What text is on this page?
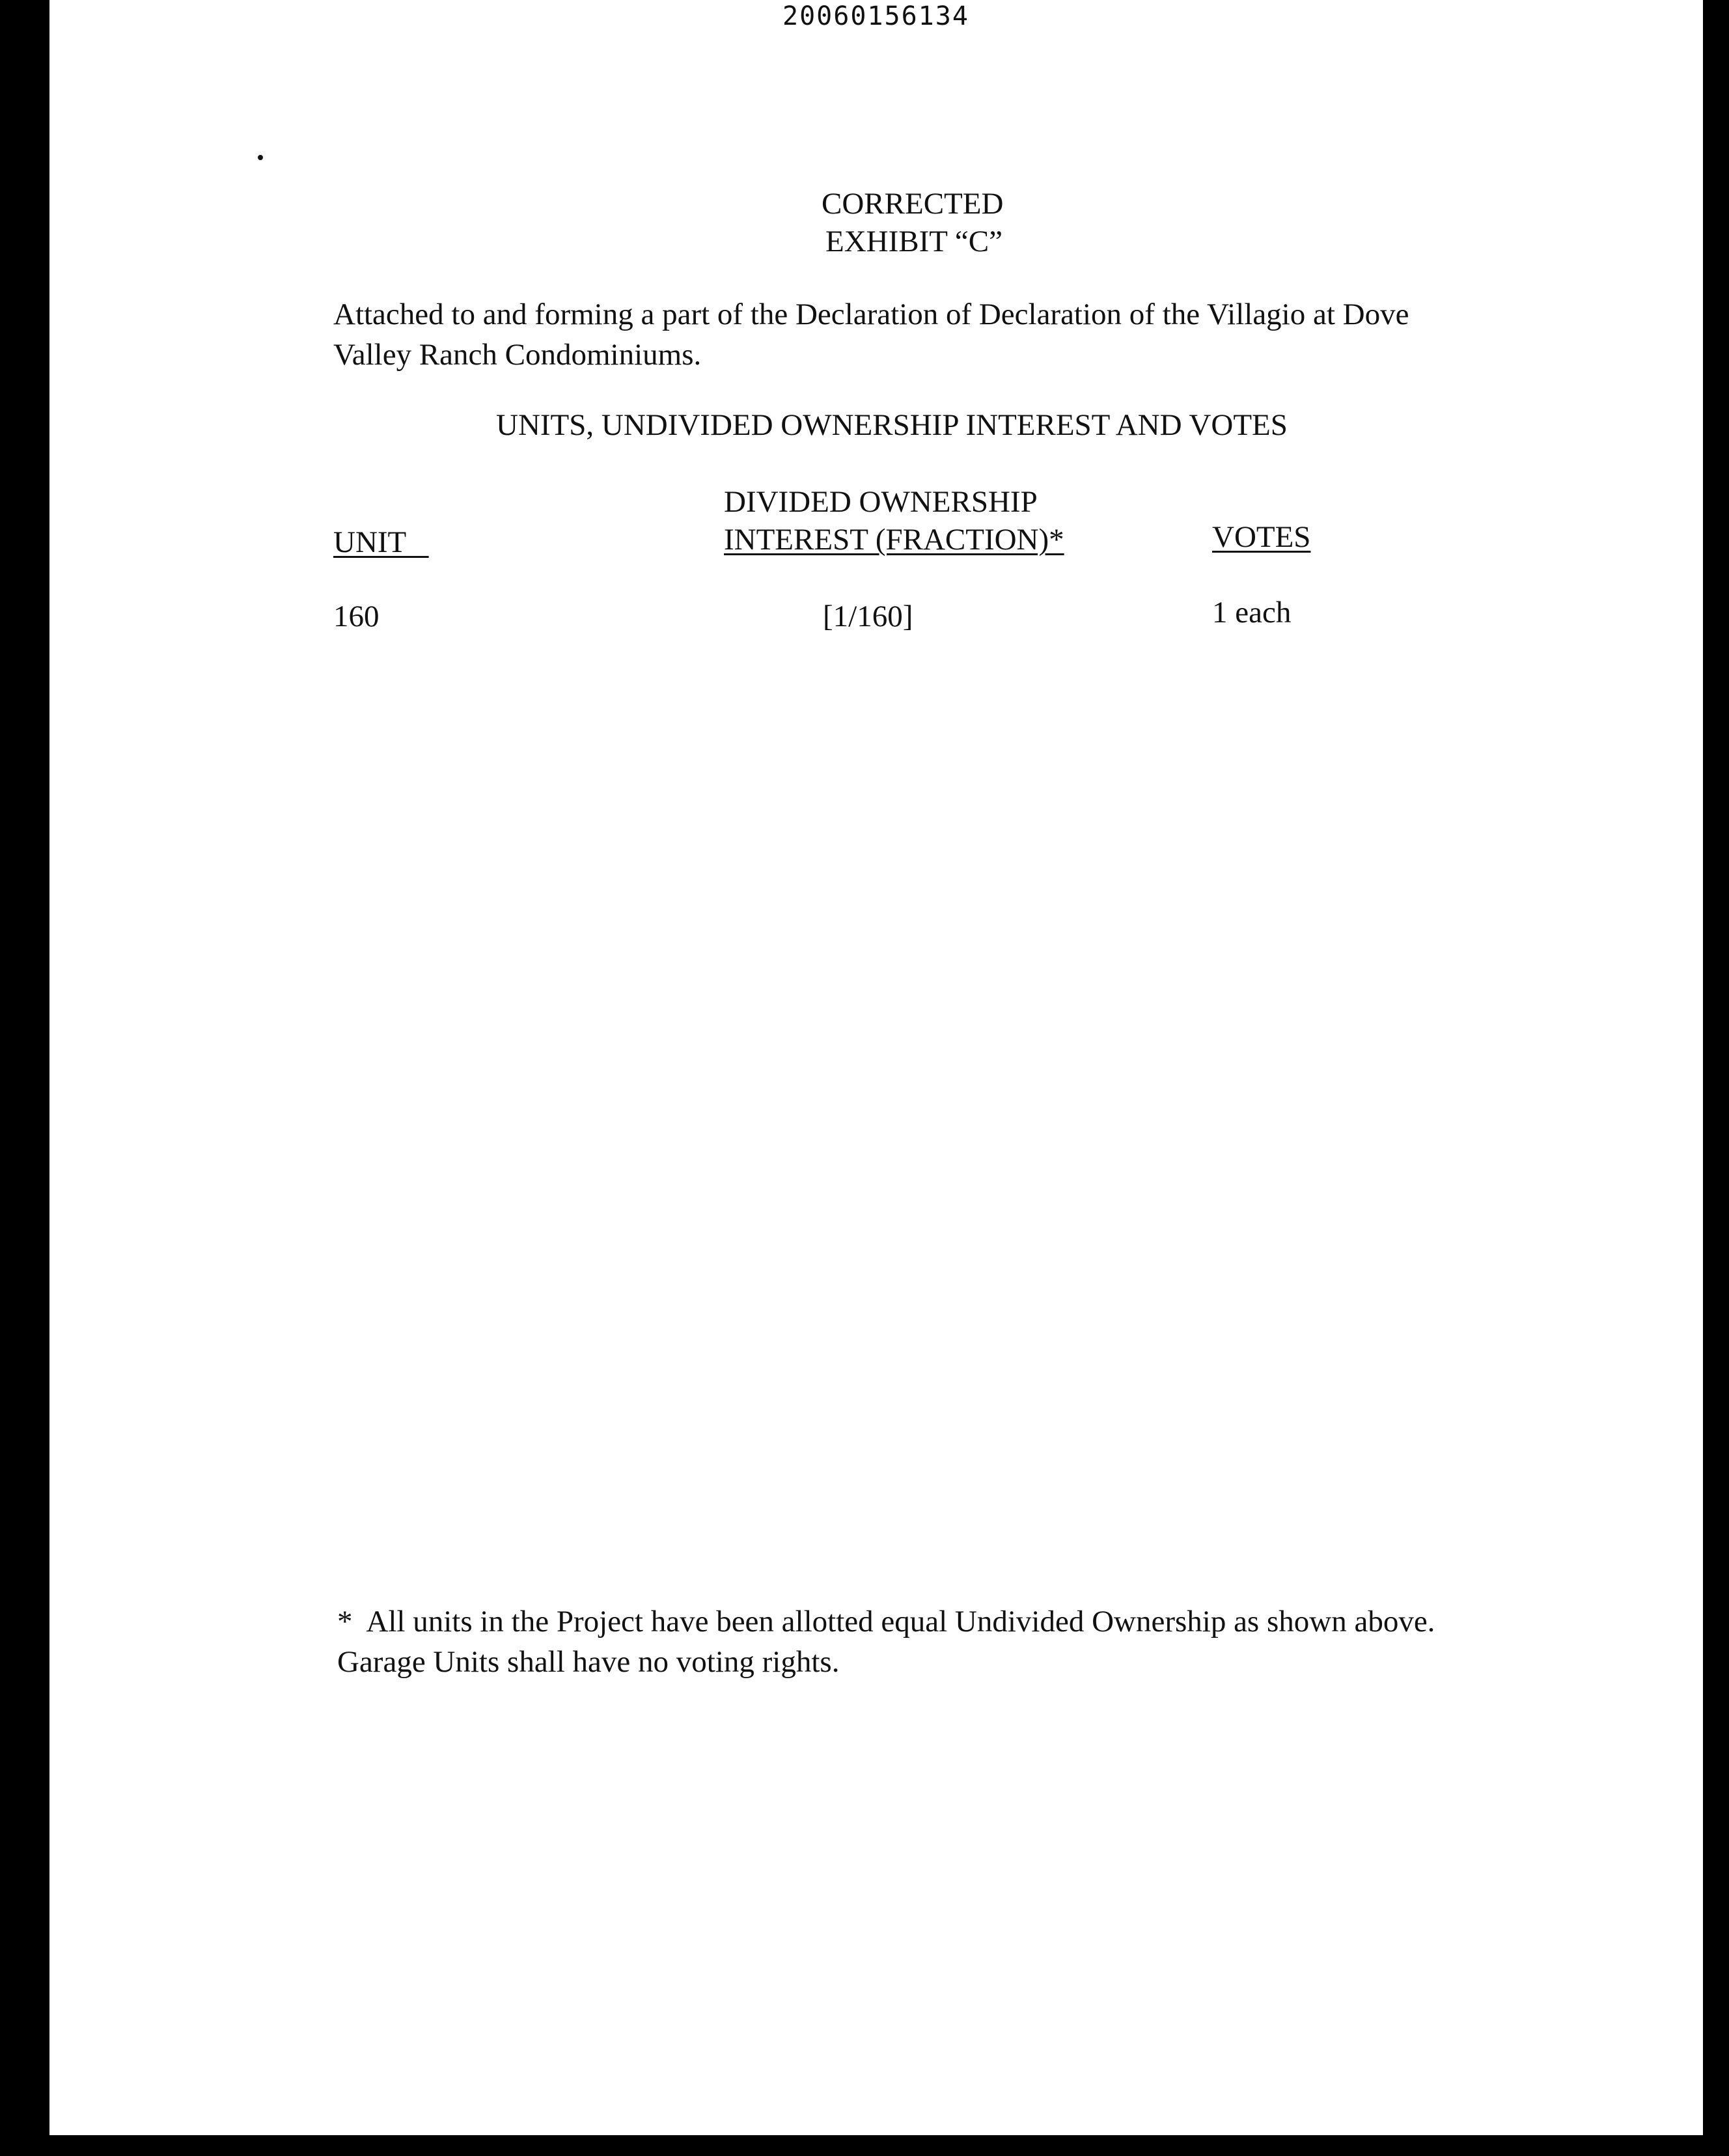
20060156134
CORRECTED
EXHIBIT “C”
Attached to and forming a part of the Declaration of Declaration of the Villagio at Dove
Valley Ranch Condominiums.
UNITS, UNDIVIDED OWNERSHIP INTEREST AND VOTES
DIVIDED OWNERSHIP
UNIT	INTEREST (FRACTION)*	VOTES
160	[1/160]	1 each
*  All units in the Project have been allotted equal Undivided Ownership as shown above.
Garage Units shall have no voting rights.
